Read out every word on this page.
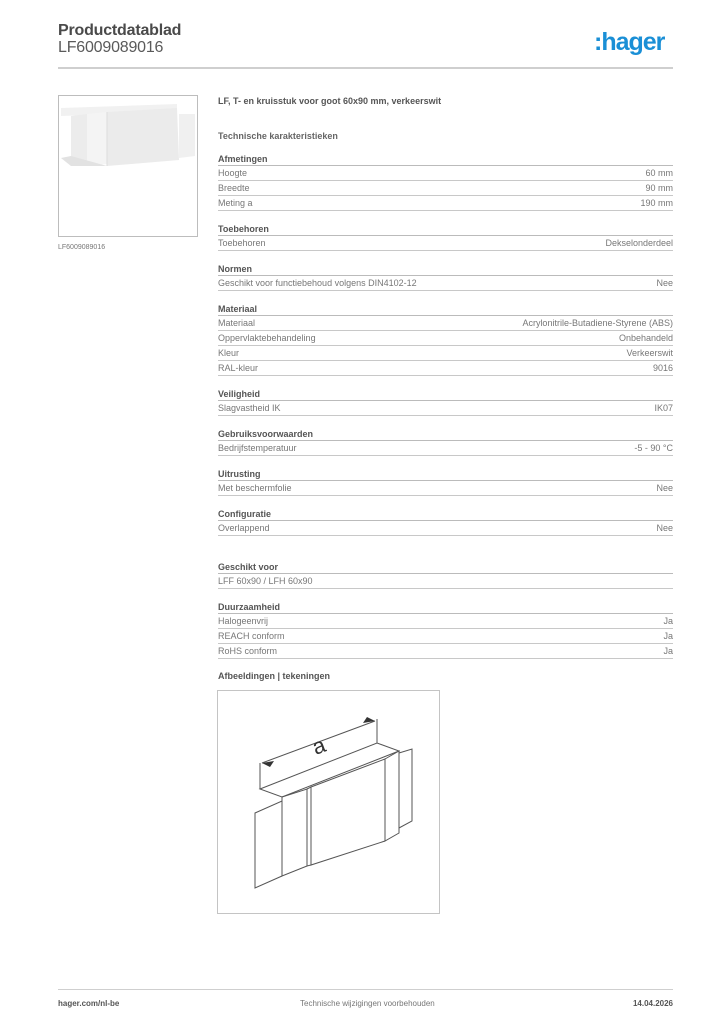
Productdatablad
LF6009089016	:hager
LF6009089016
LF, T- en kruisstuk voor goot 60x90 mm, verkeerswit
Technische karakteristieken
Afmetingen
Hoogte	60 mm
Breedte	90 mm
Meting a	190 mm
Toebehoren
Toebehoren	Dekselonderdeel
Normen
Geschikt voor functiebehoud volgens DIN4102-12	Nee
Materiaal
Materiaal	Acrylonitrile-Butadiene-Styrene (ABS)
Oppervlaktebehandeling	Onbehandeld
Kleur	Verkeerswit
RAL-kleur	9016
Veiligheid
Slagvastheid IK	IK07
Gebruiksvoorwaarden
Bedrijfstemperatuur	-5 - 90 °C
Uitrusting
Met beschermfolie	Nee
Configuratie
Overlappend	Nee
Geschikt voor
LFF 60x90 / LFH 60x90
Duurzaamheid
Halogeenvrij	Ja
REACH conform	Ja
RoHS conform	Ja
Afbeeldingen | tekeningen
a
hager.com/nl-be	Technische wijzigingen voorbehouden	14.04.2026
